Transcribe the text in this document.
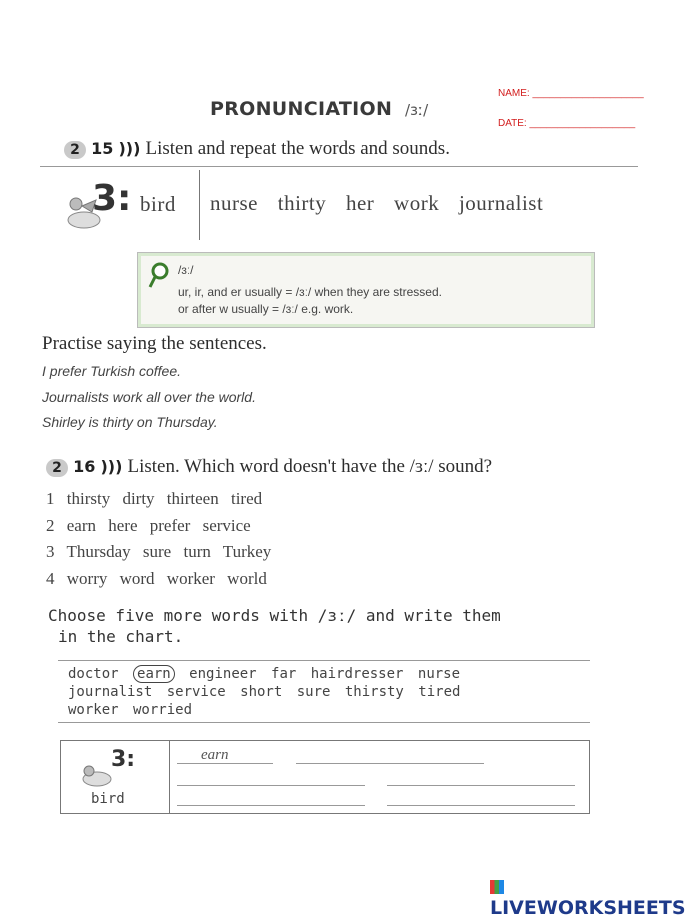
PRONUNCIATION /ɜː/
NAME: ____________________
DATE: ___________________
2 15 ))) Listen and repeat the words and sounds.
3: bird nurse thirty her work journalist
/ɜː/
ur, ir, and er usually = /ɜː/ when they are stressed.
or after w usually = /ɜː/ e.g. work.
Practise saying the sentences.
I prefer Turkish coffee.
Journalists work all over the world.
Shirley is thirty on Thursday.
2 16 ))) Listen. Which word doesn't have the /ɜː/ sound?
1 thirsty dirty thirteen tired
2 earn here prefer service
3 Thursday sure turn Turkey
4 worry word worker world
Choose five more words with /ɜː/ and write them
in the chart.
doctor earn engineer far hairdresser nurse
journalist service short sure thirsty tired
worker worried
3:
bird
earn
LIVEWORKSHEETS
